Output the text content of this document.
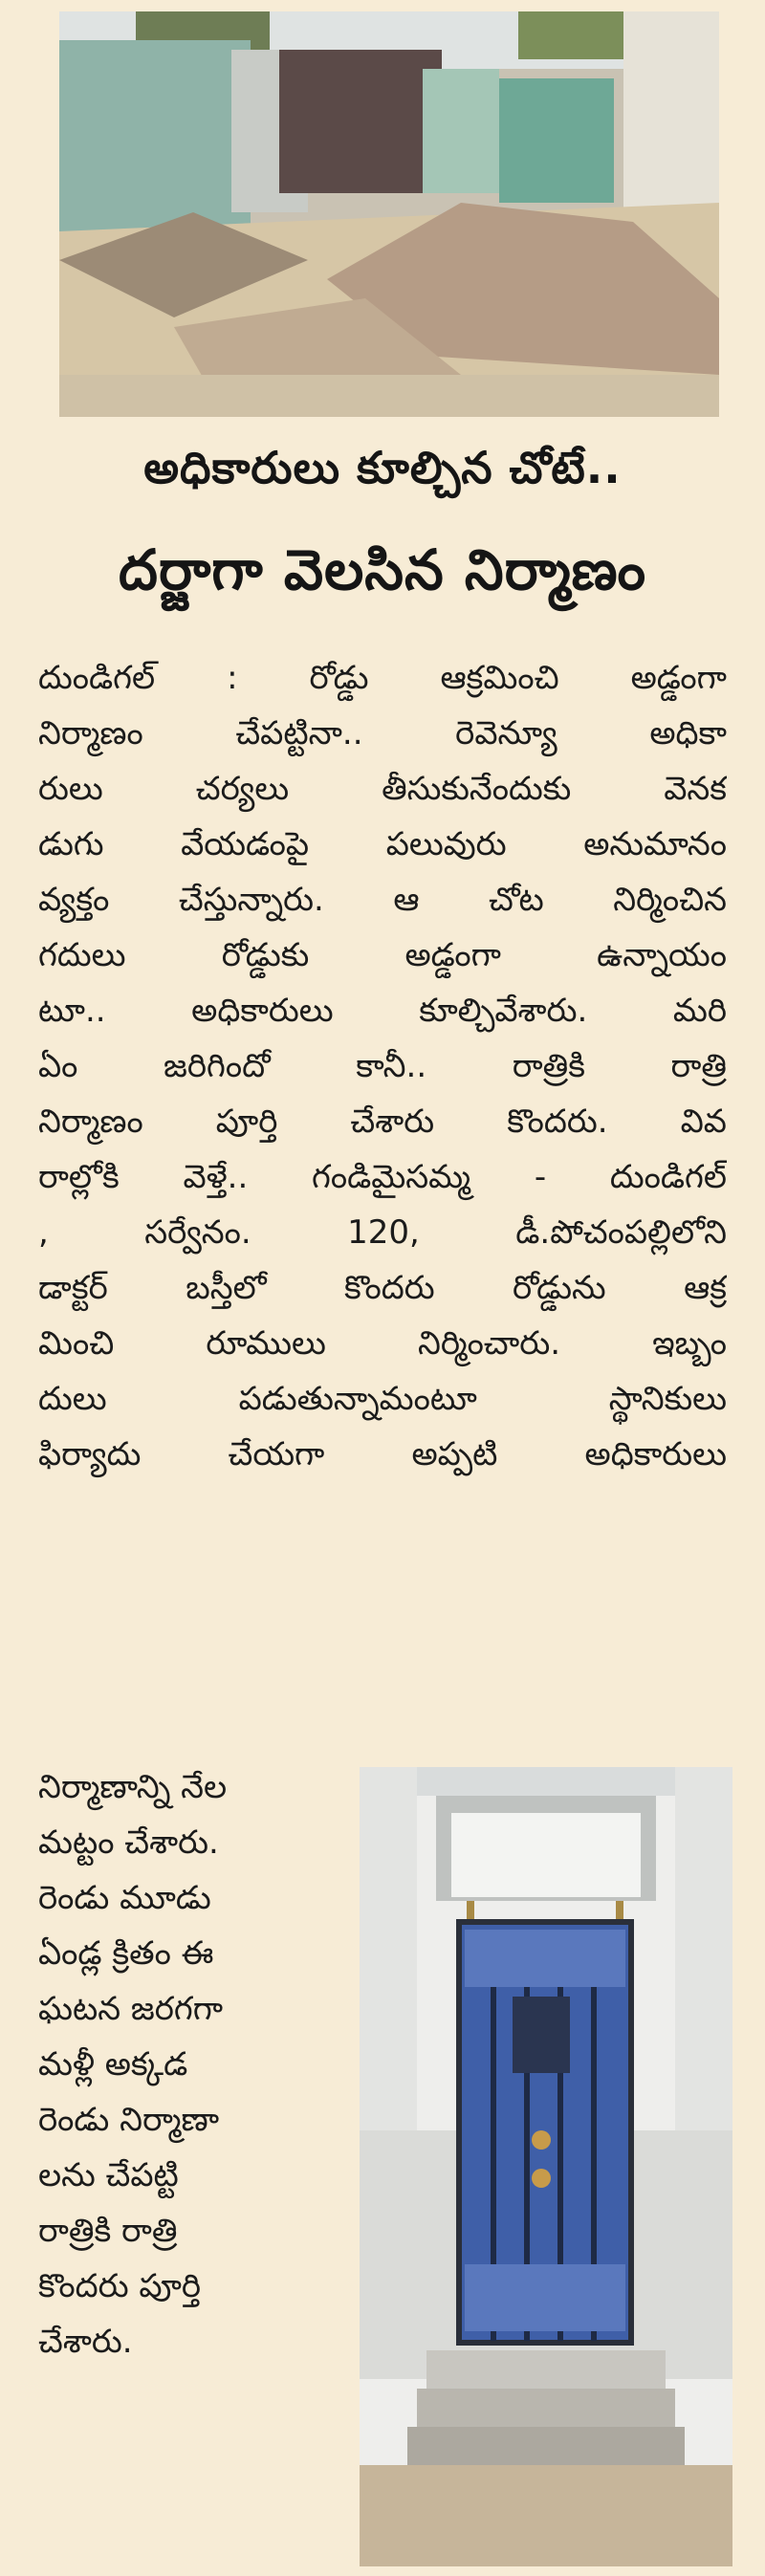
అధికారులు కూల్చిన చోటే..
దర్జాగా వెలసిన నిర్మాణం
దుండిగల్ : రోడ్డు ఆక్రమించి అడ్డంగా
నిర్మాణం చేపట్టినా.. రెవెన్యూ అధికా
రులు చర్యలు తీసుకునేందుకు వెనక
డుగు వేయడంపై పలువురు అనుమానం
వ్యక్తం చేస్తున్నారు. ఆ చోట నిర్మించిన
గదులు రోడ్డుకు అడ్డంగా ఉన్నాయం
టూ.. అధికారులు కూల్చివేశారు. మరి
ఏం జరిగిందో కానీ.. రాత్రికి రాత్రి
నిర్మాణం పూర్తి చేశారు కొందరు. వివ
రాల్లోకి వెళ్తే.. గండిమైసమ్మ - దుండిగల్
, సర్వేనం. 120, డీ.పోచంపల్లిలోని
డాక్టర్ బస్తీలో కొందరు రోడ్డును ఆక్ర
మించి రూములు నిర్మించారు. ఇబ్బం
దులు పడుతున్నామంటూ స్థానికులు
ఫిర్యాదు చేయగా అప్పటి అధికారులు
నిర్మాణాన్ని నేల
మట్టం చేశారు.
రెండు మూడు
ఏండ్ల క్రితం ఈ
ఘటన జరగగా
మళ్లీ అక్కడ
రెండు నిర్మాణా
లను చేపట్టి
రాత్రికి రాత్రి
కొందరు పూర్తి
చేశారు.
